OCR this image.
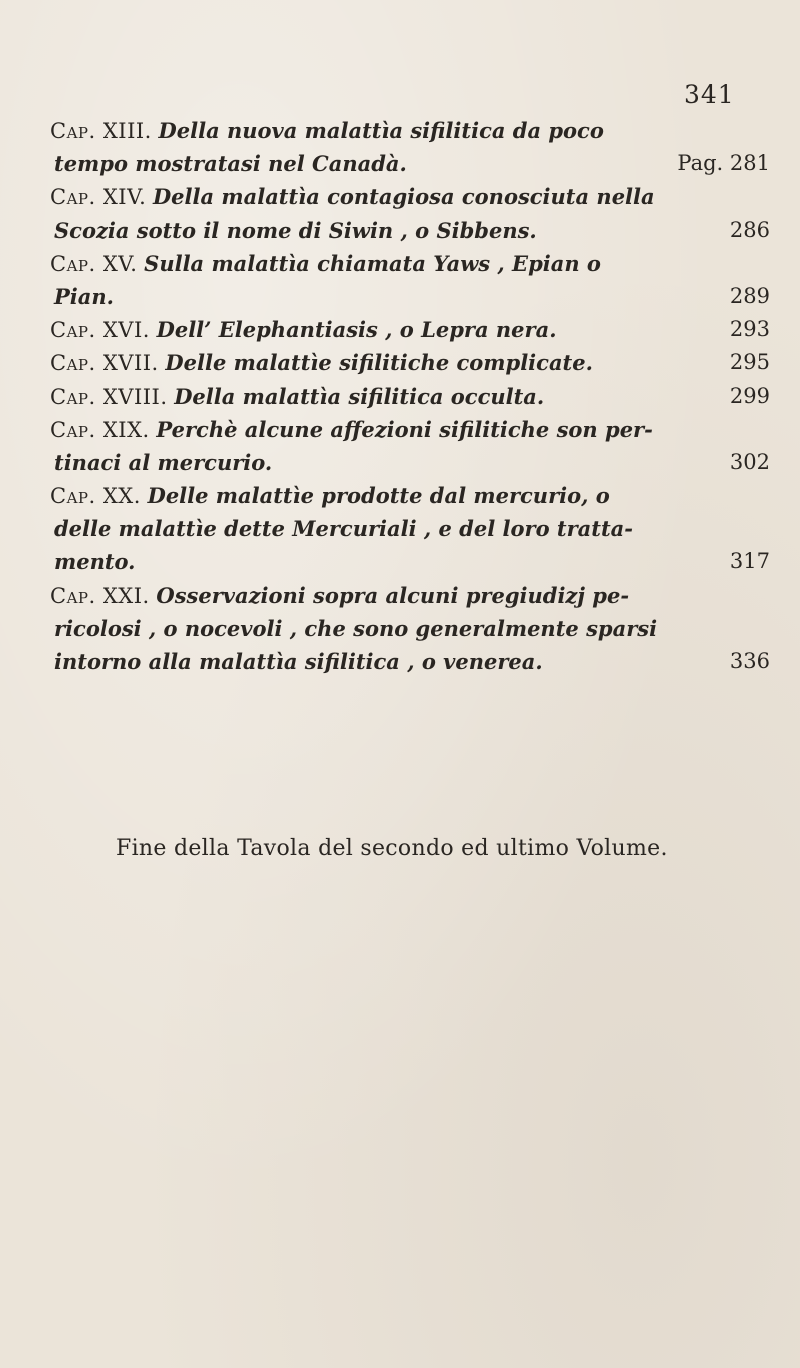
341
Cap. XIII. Della nuova malattìa sifilitica da poco
tempo mostratasi nel Canadà.	Pag. 281
Cap. XIV. Della malattìa contagiosa conosciuta nella
Scozia sotto il nome di Siwin , o Sibbens.	286
Cap. XV. Sulla malattìa chiamata Yaws , Epian o
Pian.	289
Cap. XVI. Dell’ Elephantiasis , o Lepra nera.	293
Cap. XVII. Delle malattìe sifilitiche complicate.	295
Cap. XVIII. Della malattìa sifilitica occulta.	299
Cap. XIX. Perchè alcune affezioni sifilitiche son per-
tinaci al mercurio.	302
Cap. XX. Delle malattìe prodotte dal mercurio, o
delle malattìe dette Mercuriali , e del loro tratta-
mento.	317
Cap. XXI. Osservazioni sopra alcuni pregiudizj pe-
ricolosi , o nocevoli , che sono generalmente sparsi
intorno alla malattìa sifilitica , o venerea.	336
Fine della Tavola del secondo ed ultimo Volume.
